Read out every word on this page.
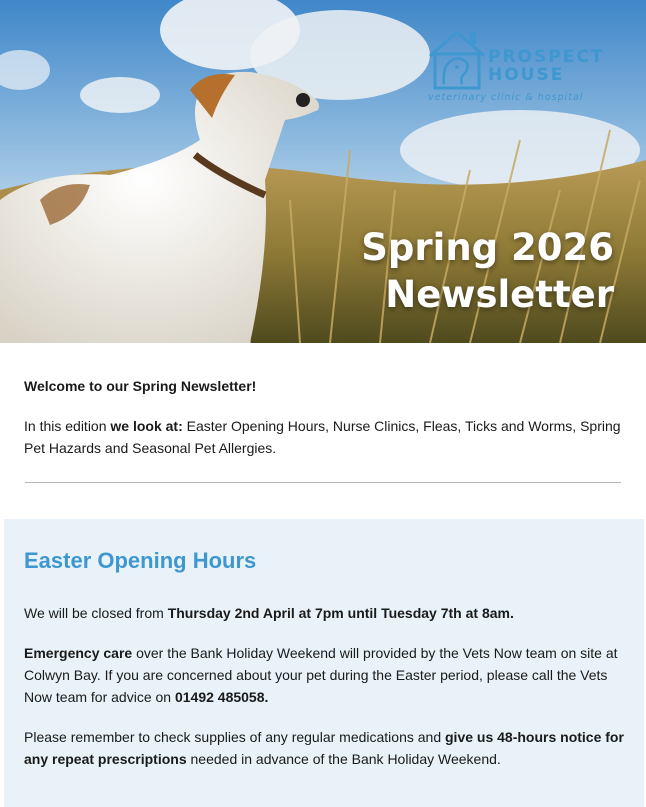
PROSPECT
HOUSE
veterinary clinic & hospital
Spring 2026
Newsletter

Welcome to our Spring Newsletter!

In this edition we look at: Easter Opening Hours, Nurse Clinics, Fleas, Ticks and Worms, Spring Pet Hazards and Seasonal Pet Allergies.

Easter Opening Hours

We will be closed from Thursday 2nd April at 7pm until Tuesday 7th at 8am.

Emergency care over the Bank Holiday Weekend will provided by the Vets Now team on site at Colwyn Bay. If you are concerned about your pet during the Easter period, please call the Vets Now team for advice on 01492 485058.

Please remember to check supplies of any regular medications and give us 48-hours notice for any repeat prescriptions needed in advance of the Bank Holiday Weekend.
